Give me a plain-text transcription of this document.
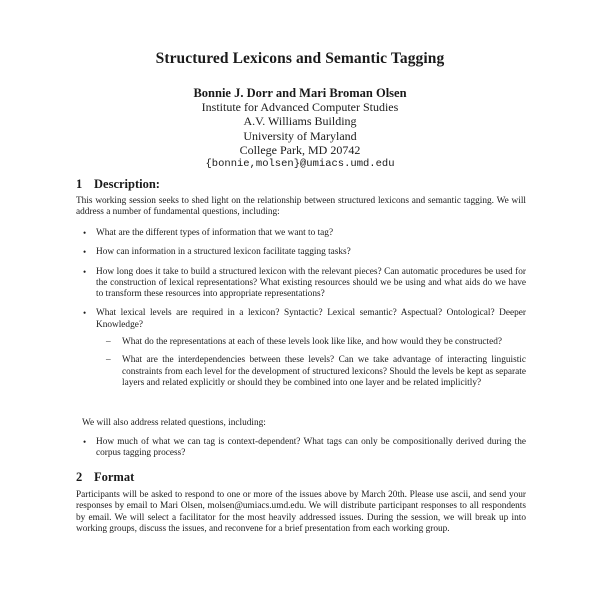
Structured Lexicons and Semantic Tagging
Bonnie J. Dorr and Mari Broman Olsen
Institute for Advanced Computer Studies
A.V. Williams Building
University of Maryland
College Park, MD 20742
{bonnie,molsen}@umiacs.umd.edu
1 Description:
This working session seeks to shed light on the relationship between structured lexicons and semantic tagging. We will address a number of fundamental questions, including:
• What are the different types of information that we want to tag?
• How can information in a structured lexicon facilitate tagging tasks?
• How long does it take to build a structured lexicon with the relevant pieces? Can automatic procedures be used for the construction of lexical representations? What existing resources should we be using and what aids do we have to transform these resources into appropriate representations?
• What lexical levels are required in a lexicon? Syntactic? Lexical semantic? Aspectual? Ontological? Deeper Knowledge?
– What do the representations at each of these levels look like like, and how would they be constructed?
– What are the interdependencies between these levels? Can we take advantage of interacting linguistic constraints from each level for the development of structured lexicons? Should the levels be kept as separate layers and related explicitly or should they be combined into one layer and be related implicitly?
We will also address related questions, including:
• How much of what we can tag is context-dependent? What tags can only be compositionally derived during the corpus tagging process?
2 Format
Participants will be asked to respond to one or more of the issues above by March 20th. Please use ascii, and send your responses by email to Mari Olsen, molsen@umiacs.umd.edu. We will distribute participant responses to all respondents by email. We will select a facilitator for the most heavily addressed issues. During the session, we will break up into working groups, discuss the issues, and reconvene for a brief presentation from each working group.
